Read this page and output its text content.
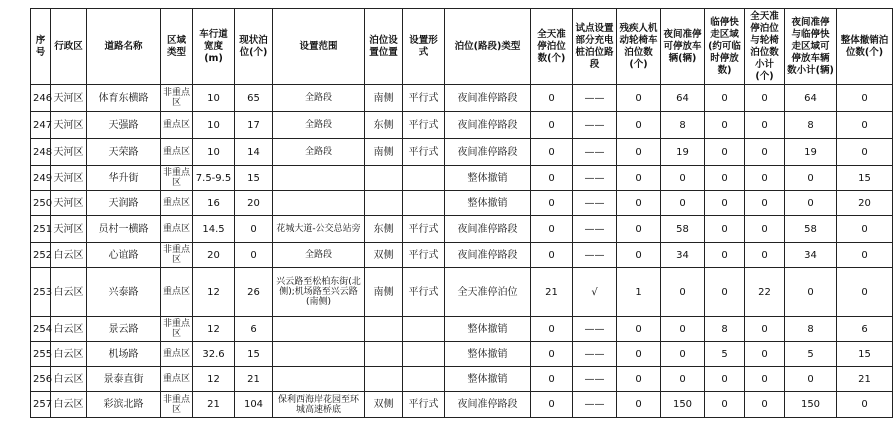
序号	行政区	道路名称	区域类型	车行道宽度(m)	现状泊位(个)	设置范围	泊位设置位置	设置形式	泊位(路段)类型	全天准停泊位数(个)	试点设置部分充电桩泊位路段	残疾人机动轮椅车泊位数(个)	夜间准停可停放车辆(辆)	临停快走区域(约可临时停放数)	全天准停泊位与轮椅泊位数小计(个)	夜间准停与临停快走区域可停放车辆数小计(辆)	整体撤销泊位数(个)
246	天河区	体育东横路	非重点区	10	65	全路段	南侧	平行式	夜间准停路段	0	——	0	64	0	0	64	0
247	天河区	天强路	重点区	10	17	全路段	东侧	平行式	夜间准停路段	0	——	0	8	0	0	8	0
248	天河区	天荣路	重点区	10	14	全路段	南侧	平行式	夜间准停路段	0	——	0	19	0	0	19	0
249	天河区	华升街	非重点区	7.5-9.5	15				整体撤销	0	——	0	0	0	0	0	15
250	天河区	天润路	重点区	16	20				整体撤销	0	——	0	0	0	0	0	20
251	天河区	员村一横路	重点区	14.5	0	花城大道-公交总站旁	东侧	平行式	夜间准停路段	0	——	0	58	0	0	58	0
252	白云区	心谊路	非重点区	20	0	全路段	双侧	平行式	夜间准停路段	0	——	0	34	0	0	34	0
253	白云区	兴泰路	重点区	12	26	兴云路至松柏东街(北侧);机场路至兴云路(南侧)	南侧	平行式	全天准停泊位	21	√	1	0	0	22	0	0
254	白云区	景云路	非重点区	12	6				整体撤销	0	——	0	0	8	0	8	6
255	白云区	机场路	重点区	32.6	15				整体撤销	0	——	0	0	5	0	5	15
256	白云区	景泰直街	重点区	12	21				整体撤销	0	——	0	0	0	0	0	21
257	白云区	彩滨北路	非重点区	21	104	保利西海岸花园至环城高速桥底	双侧	平行式	夜间准停路段	0	——	0	150	0	0	150	0
